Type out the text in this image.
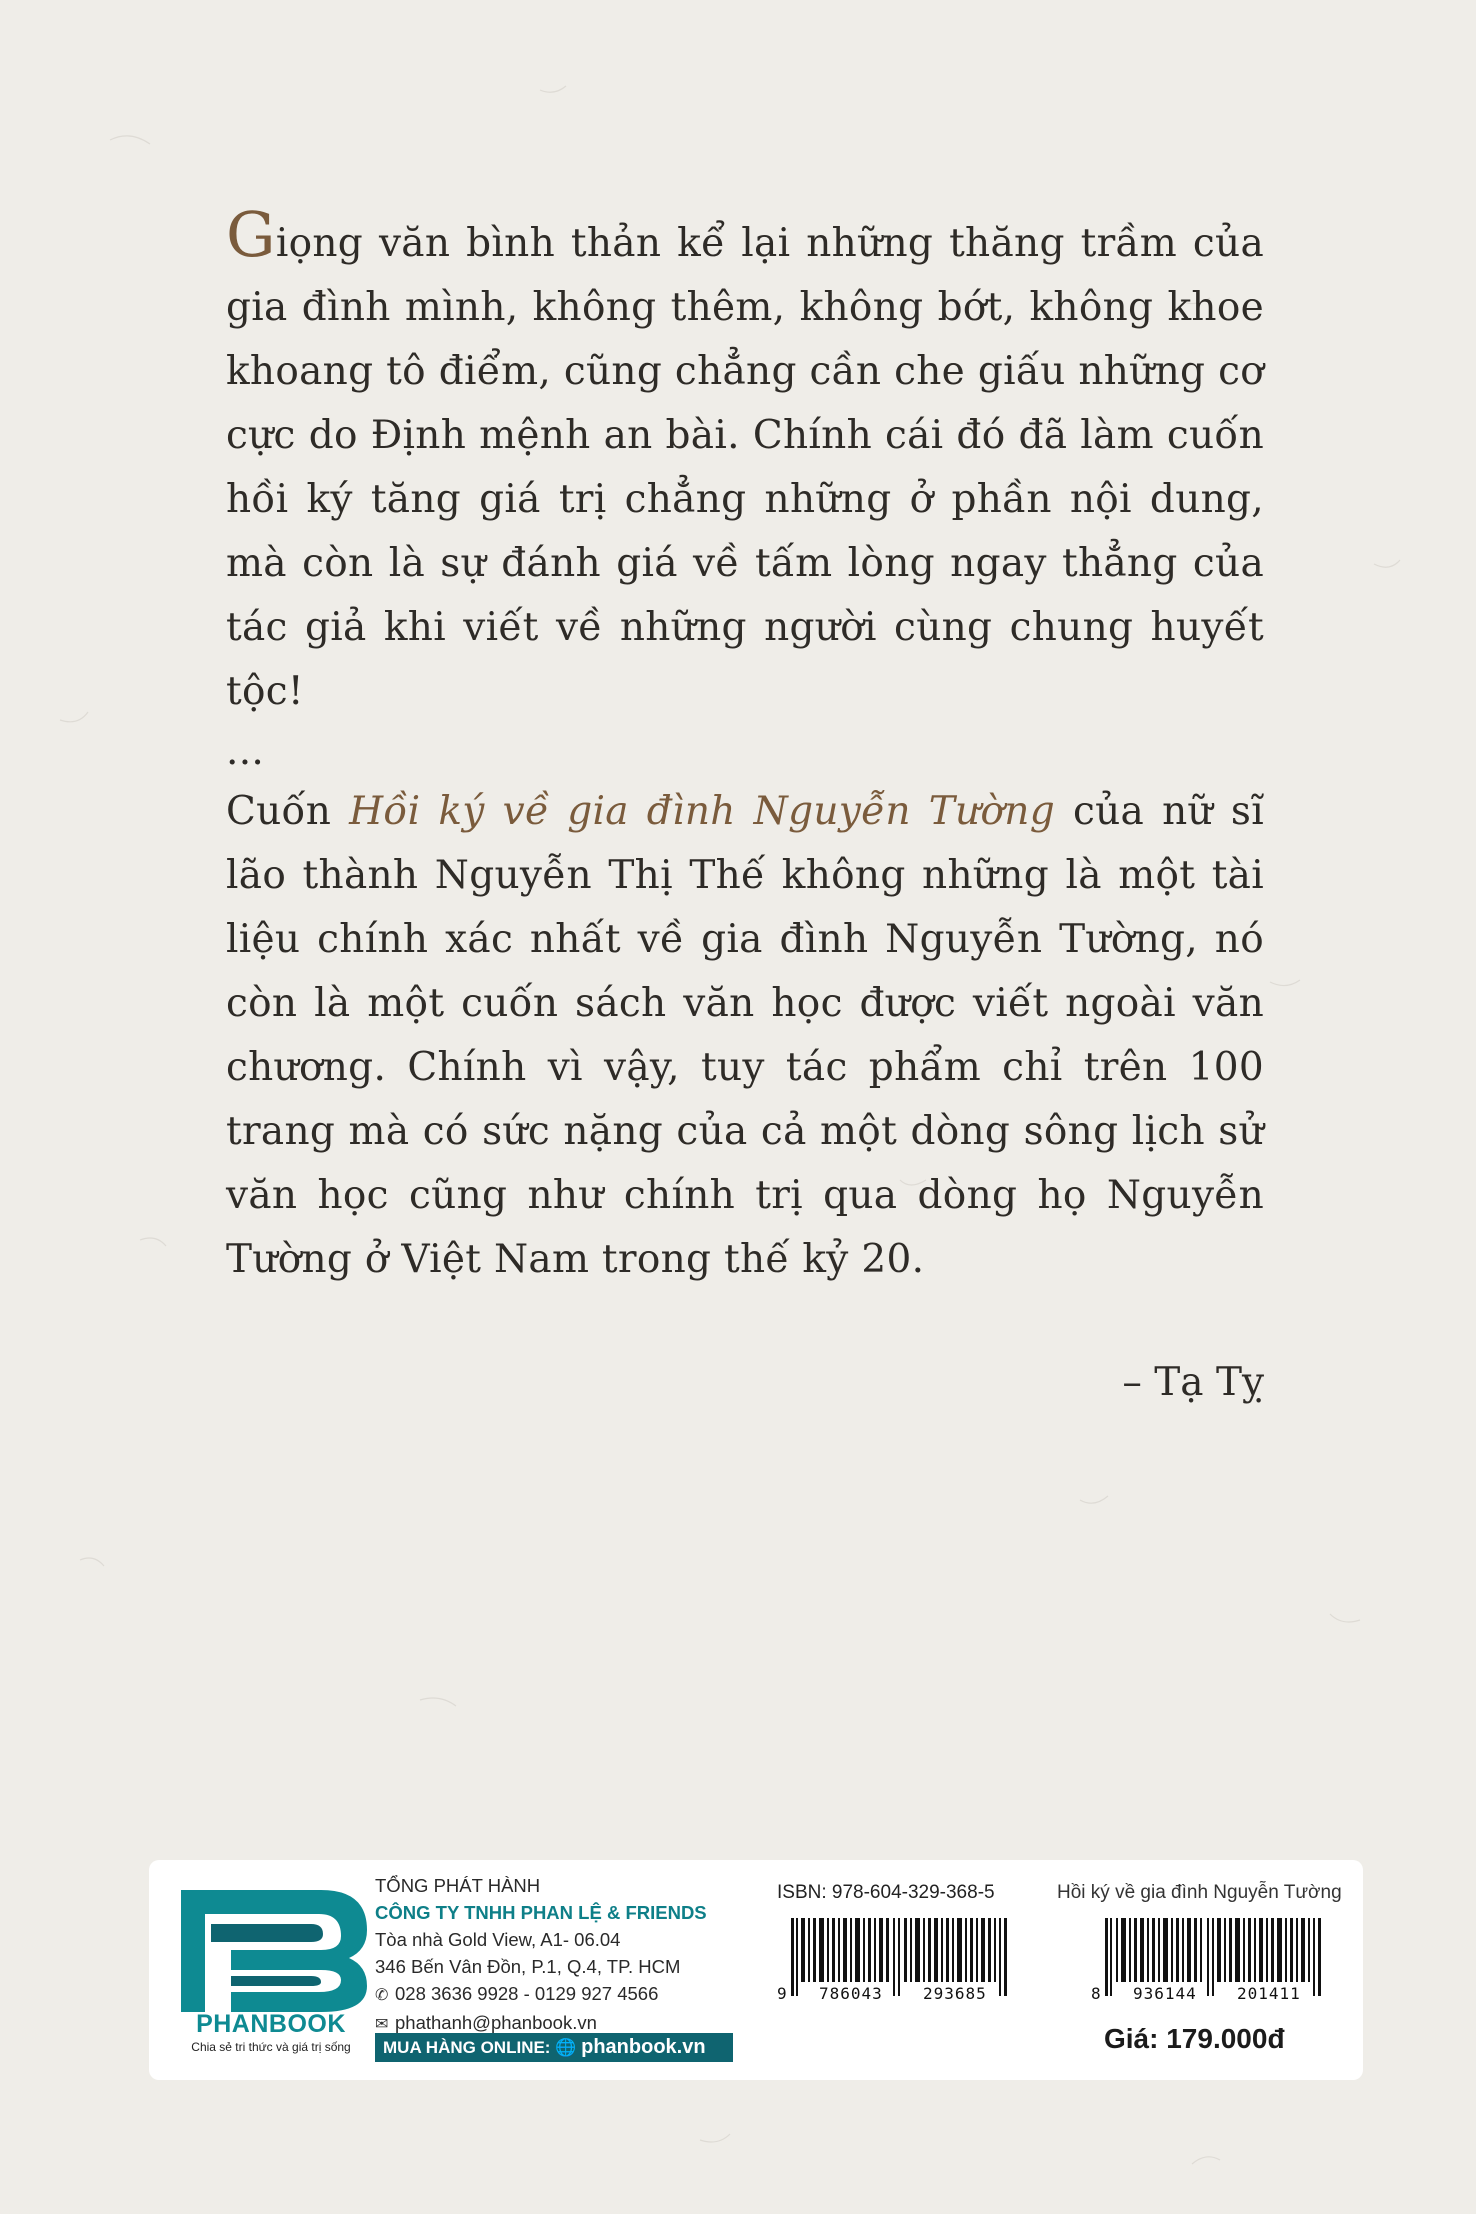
Giọng văn bình thản kể lại những thăng trầm của gia đình mình, không thêm, không bớt, không khoe khoang tô điểm, cũng chẳng cần che giấu những cơ cực do Định mệnh an bài. Chính cái đó đã làm cuốn hồi ký tăng giá trị chẳng những ở phần nội dung, mà còn là sự đánh giá về tấm lòng ngay thẳng của tác giả khi viết về những người cùng chung huyết tộc!

...

Cuốn Hồi ký về gia đình Nguyễn Tường của nữ sĩ lão thành Nguyễn Thị Thế không những là một tài liệu chính xác nhất về gia đình Nguyễn Tường, nó còn là một cuốn sách văn học được viết ngoài văn chương. Chính vì vậy, tuy tác phẩm chỉ trên 100 trang mà có sức nặng của cả một dòng sông lịch sử văn học cũng như chính trị qua dòng họ Nguyễn Tường ở Việt Nam trong thế kỷ 20.

– Tạ Tỵ
PHANBOOK
Chia sẻ tri thức và giá trị sống
TỔNG PHÁT HÀNH
CÔNG TY TNHH PHAN LỆ & FRIENDS
Tòa nhà Gold View, A1- 06.04
346 Bến Vân Đồn, P.1, Q.4, TP. HCM
✆ 028 3636 9928 - 0129 927 4566
✉ phathanh@phanbook.vn
MUA HÀNG ONLINE: 🌐 phanbook.vn
ISBN: 978-604-329-368-5	Hồi ký về gia đình Nguyễn Tường
9 786043	293685	8 936144	201411
Giá: 179.000đ
